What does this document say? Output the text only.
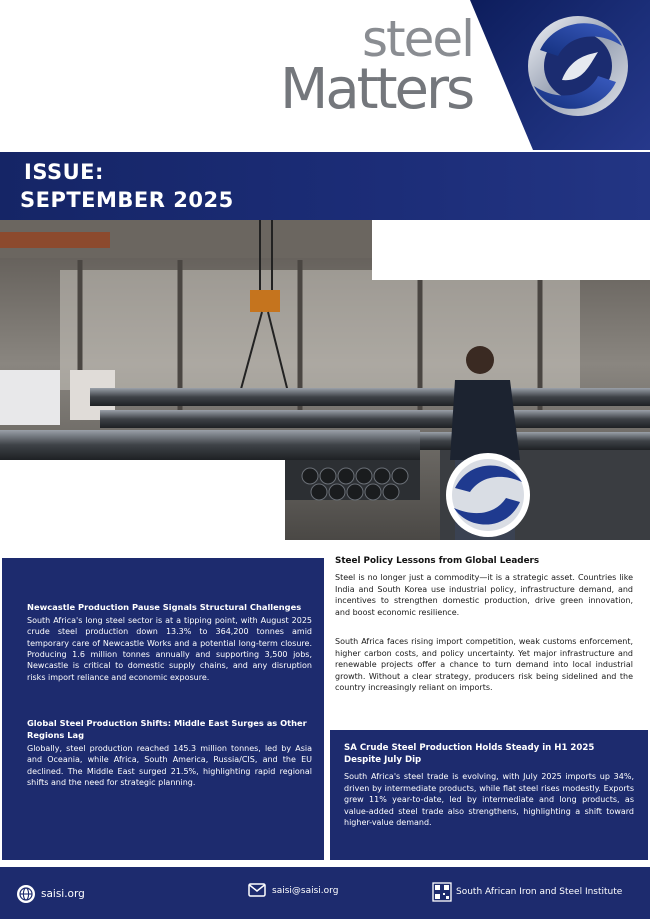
steel
Matters
ISSUE:
SEPTEMBER 2025
Newcastle Production Pause Signals Structural Challenges
South Africa's long steel sector is at a tipping point, with August 2025 crude steel production down 13.3% to 364,200 tonnes amid temporary care of Newcastle Works and a potential long-term closure. Producing 1.6 million tonnes annually and supporting 3,500 jobs, Newcastle is critical to domestic supply chains, and any disruption risks import reliance and economic exposure.
Global Steel Production Shifts: Middle East Surges as Other Regions Lag
Globally, steel production reached 145.3 million tonnes, led by Asia and Oceania, while Africa, South America, Russia/CIS, and the EU declined. The Middle East surged 21.5%, highlighting rapid regional shifts and the need for strategic planning.
Steel Policy Lessons from Global Leaders
Steel is no longer just a commodity—it is a strategic asset. Countries like India and South Korea use industrial policy, infrastructure demand, and incentives to strengthen domestic production, drive green innovation, and boost economic resilience.
South Africa faces rising import competition, weak customs enforcement, higher carbon costs, and policy uncertainty. Yet major infrastructure and renewable projects offer a chance to turn demand into local industrial growth. Without a clear strategy, producers risk being sidelined and the country increasingly reliant on imports.
SA Crude Steel Production Holds Steady in H1 2025 Despite July Dip
South Africa's steel trade is evolving, with July 2025 imports up 34%, driven by intermediate products, while flat steel rises modestly. Exports grew 11% year-to-date, led by intermediate and long products, as value-added steel trade also strengthens, highlighting a shift toward higher-value demand.
saisi.org	saisi@saisi.org	South African Iron and Steel Institute
